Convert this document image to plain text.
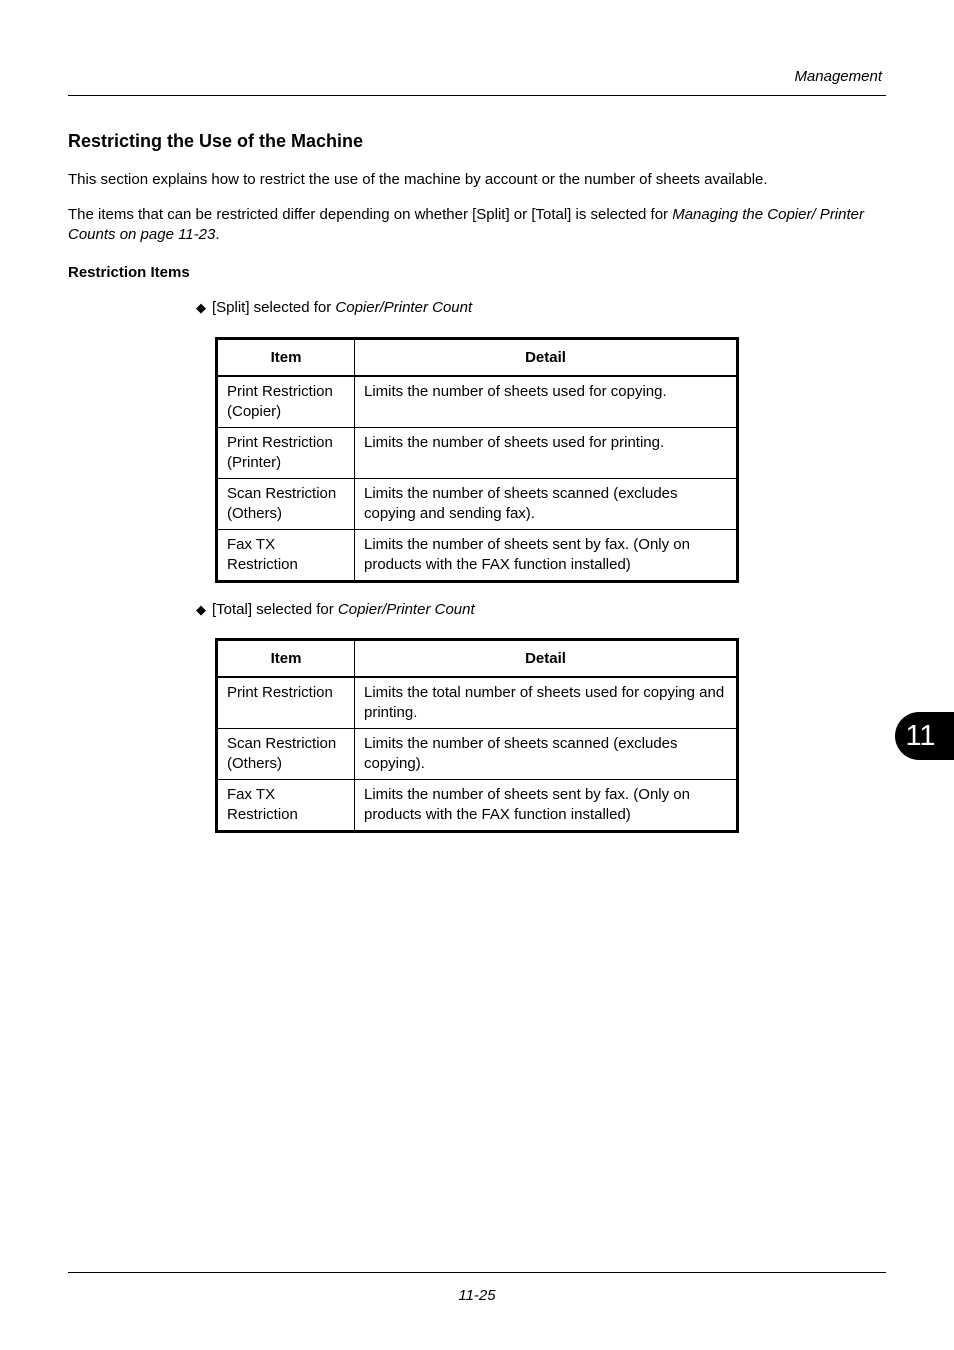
Management
Restricting the Use of the Machine

This section explains how to restrict the use of the machine by account or the number of sheets available.

The items that can be restricted differ depending on whether [Split] or [Total] is selected for Managing the Copier/ Printer Counts on page 11-23.

Restriction Items
◆ [Split] selected for Copier/Printer Count
Item	Detail
Print Restriction (Copier)	Limits the number of sheets used for copying.
Print Restriction (Printer)	Limits the number of sheets used for printing.
Scan Restriction (Others)	Limits the number of sheets scanned (excludes copying and sending fax).
Fax TX Restriction	Limits the number of sheets sent by fax. (Only on products with the FAX function installed)
◆ [Total] selected for Copier/Printer Count
Item	Detail
Print Restriction	Limits the total number of sheets used for copying and printing.
Scan Restriction (Others)	Limits the number of sheets scanned (excludes copying).
Fax TX Restriction	Limits the number of sheets sent by fax. (Only on products with the FAX function installed)
11
11-25
